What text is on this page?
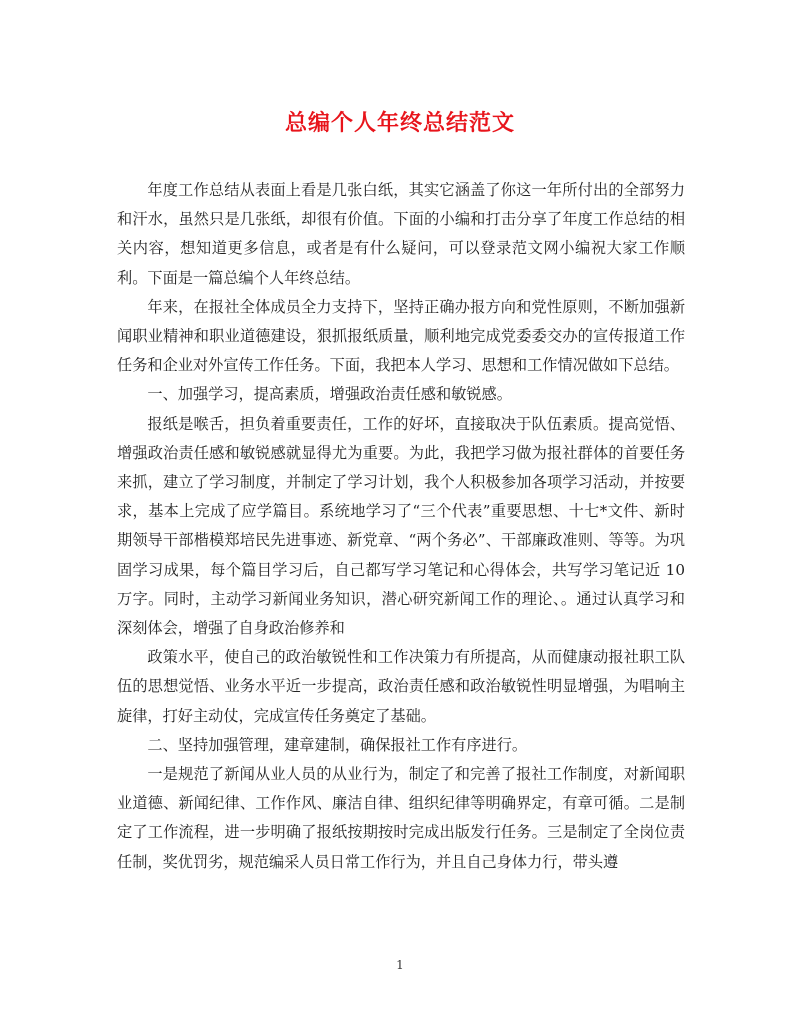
总编个人年终总结范文

年度工作总结从表面上看是几张白纸，其实它涵盖了你这一年所付出的全部努力和汗水，虽然只是几张纸，却很有价值。下面的小编和打击分享了年度工作总结的相关内容，想知道更多信息，或者是有什么疑问，可以登录范文网小编祝大家工作顺利。下面是一篇总编个人年终总结。

年来，在报社全体成员全力支持下，坚持正确办报方向和党性原则，不断加强新闻职业精神和职业道德建设，狠抓报纸质量，顺利地完成党委委交办的宣传报道工作任务和企业对外宣传工作任务。下面，我把本人学习、思想和工作情况做如下总结。

一、加强学习，提高素质，增强政治责任感和敏锐感。

报纸是喉舌，担负着重要责任，工作的好坏，直接取决于队伍素质。提高觉悟、增强政治责任感和敏锐感就显得尤为重要。为此，我把学习做为报社群体的首要任务来抓，建立了学习制度，并制定了学习计划，我个人积极参加各项学习活动，并按要求，基本上完成了应学篇目。系统地学习了“三个代表”重要思想、十七*文件、新时期领导干部楷模郑培民先进事迹、新党章、“两个务必”、干部廉政准则、等等。为巩固学习成果，每个篇目学习后，自己都写学习笔记和心得体会，共写学习笔记近 10 万字。同时，主动学习新闻业务知识，潜心研究新闻工作的理论、。通过认真学习和深刻体会，增强了自身政治修养和

政策水平，使自己的政治敏锐性和工作决策力有所提高，从而健康动报社职工队伍的思想觉悟、业务水平近一步提高，政治责任感和政治敏锐性明显增强，为唱响主旋律，打好主动仗，完成宣传任务奠定了基础。

二、坚持加强管理，建章建制，确保报社工作有序进行。

一是规范了新闻从业人员的从业行为，制定了和完善了报社工作制度，对新闻职业道德、新闻纪律、工作作风、廉洁自律、组织纪律等明确界定，有章可循。二是制定了工作流程，进一步明确了报纸按期按时完成出版发行任务。三是制定了全岗位责任制，奖优罚劣，规范编采人员日常工作行为，并且自己身体力行，带头遵

1
